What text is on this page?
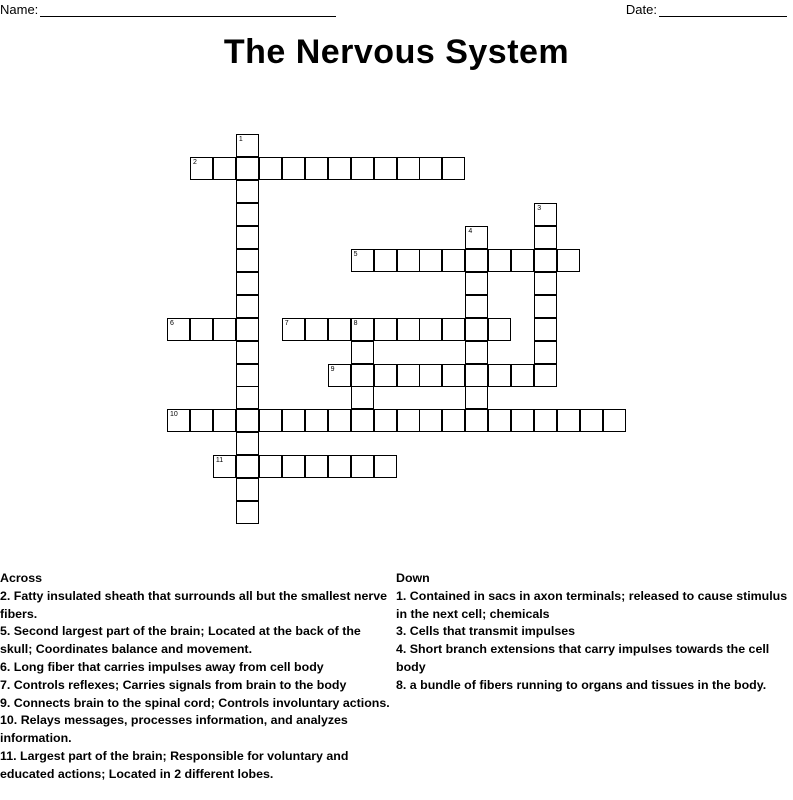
Name:	Date:
The Nervous System
1
2
3
4
5
6	7	8
9
10
11
Across

2. Fatty insulated sheath that surrounds all but the smallest nerve fibers.

5. Second largest part of the brain; Located at the back of the skull; Coordinates balance and movement.

6. Long fiber that carries impulses away from cell body

7. Controls reflexes; Carries signals from brain to the body

9. Connects brain to the spinal cord; Controls involuntary actions.

10. Relays messages, processes information, and analyzes information.

11. Largest part of the brain; Responsible for voluntary and educated actions; Located in 2 different lobes.

Down

1. Contained in sacs in axon terminals; released to cause stimulus in the next cell; chemicals

3. Cells that transmit impulses

4. Short branch extensions that carry impulses towards the cell body

8. a bundle of fibers running to organs and tissues in the body.
